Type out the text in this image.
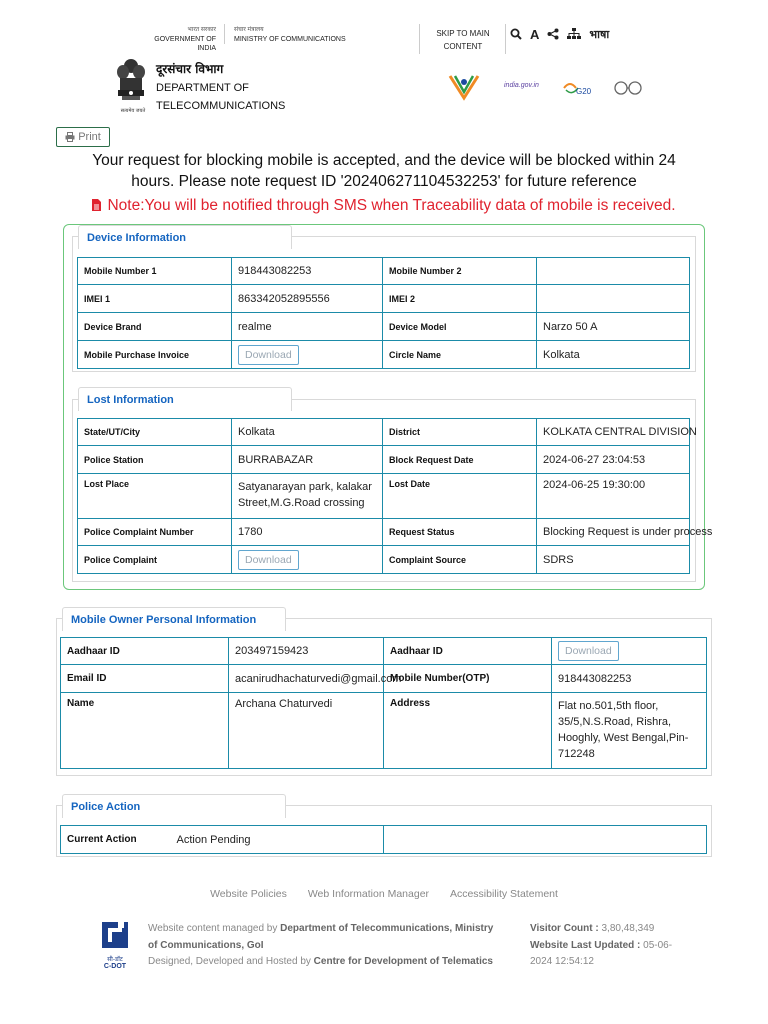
भारत सरकार
GOVERNMENT OF INDIA
संचार मंत्रालय
MINISTRY OF COMMUNICATIONS
SKIP TO MAIN
CONTENT
A	भाषा
सत्यमेव जयते
दूरसंचार विभाग
DEPARTMENT OF
TELECOMMUNICATIONS
india.gov.in
G20
Print
Your request for blocking mobile is accepted, and the device will be blocked within 24
hours. Please note request ID '202406271104532253' for future reference
Note:You will be notified through SMS when Traceability data of mobile is received.
Device Information
Mobile Number 1	918443082253	Mobile Number 2	
IMEI 1	863342052895556	IMEI 2	
Device Brand	realme	Device Model	Narzo 50 A
Mobile Purchase Invoice	Download	Circle Name	Kolkata
Lost Information
State/UT/City	Kolkata	District	KOLKATA CENTRAL DIVISION
Police Station	BURRABAZAR	Block Request Date	2024-06-27 23:04:53
Lost Place	Satyanarayan park, kalakar
Street,M.G.Road crossing	Lost Date	2024-06-25 19:30:00
Police Complaint Number	1780	Request Status	Blocking Request is under process
Police Complaint	Download	Complaint Source	SDRS
Mobile Owner Personal Information
Aadhaar ID	203497159423	Aadhaar ID	Download
Email ID	acanirudhachaturvedi@gmail.com	Mobile Number(OTP)	918443082253
Name	Archana Chaturvedi	Address	Flat no.501,5th floor,
35/5,N.S.Road, Rishra,
Hooghly, West Bengal,Pin-
712248
Police Action
Current Action	Action Pending	
Website Policies Web Information Manager Accessibility Statement
सी-डॉट
C-DOT
Website content managed by Department of Telecommunications, Ministry
of Communications, GoI
Designed, Developed and Hosted by Centre for Development of Telematics
Visitor Count : 3,80,48,349
Website Last Updated : 05-06-
2024 12:54:12
